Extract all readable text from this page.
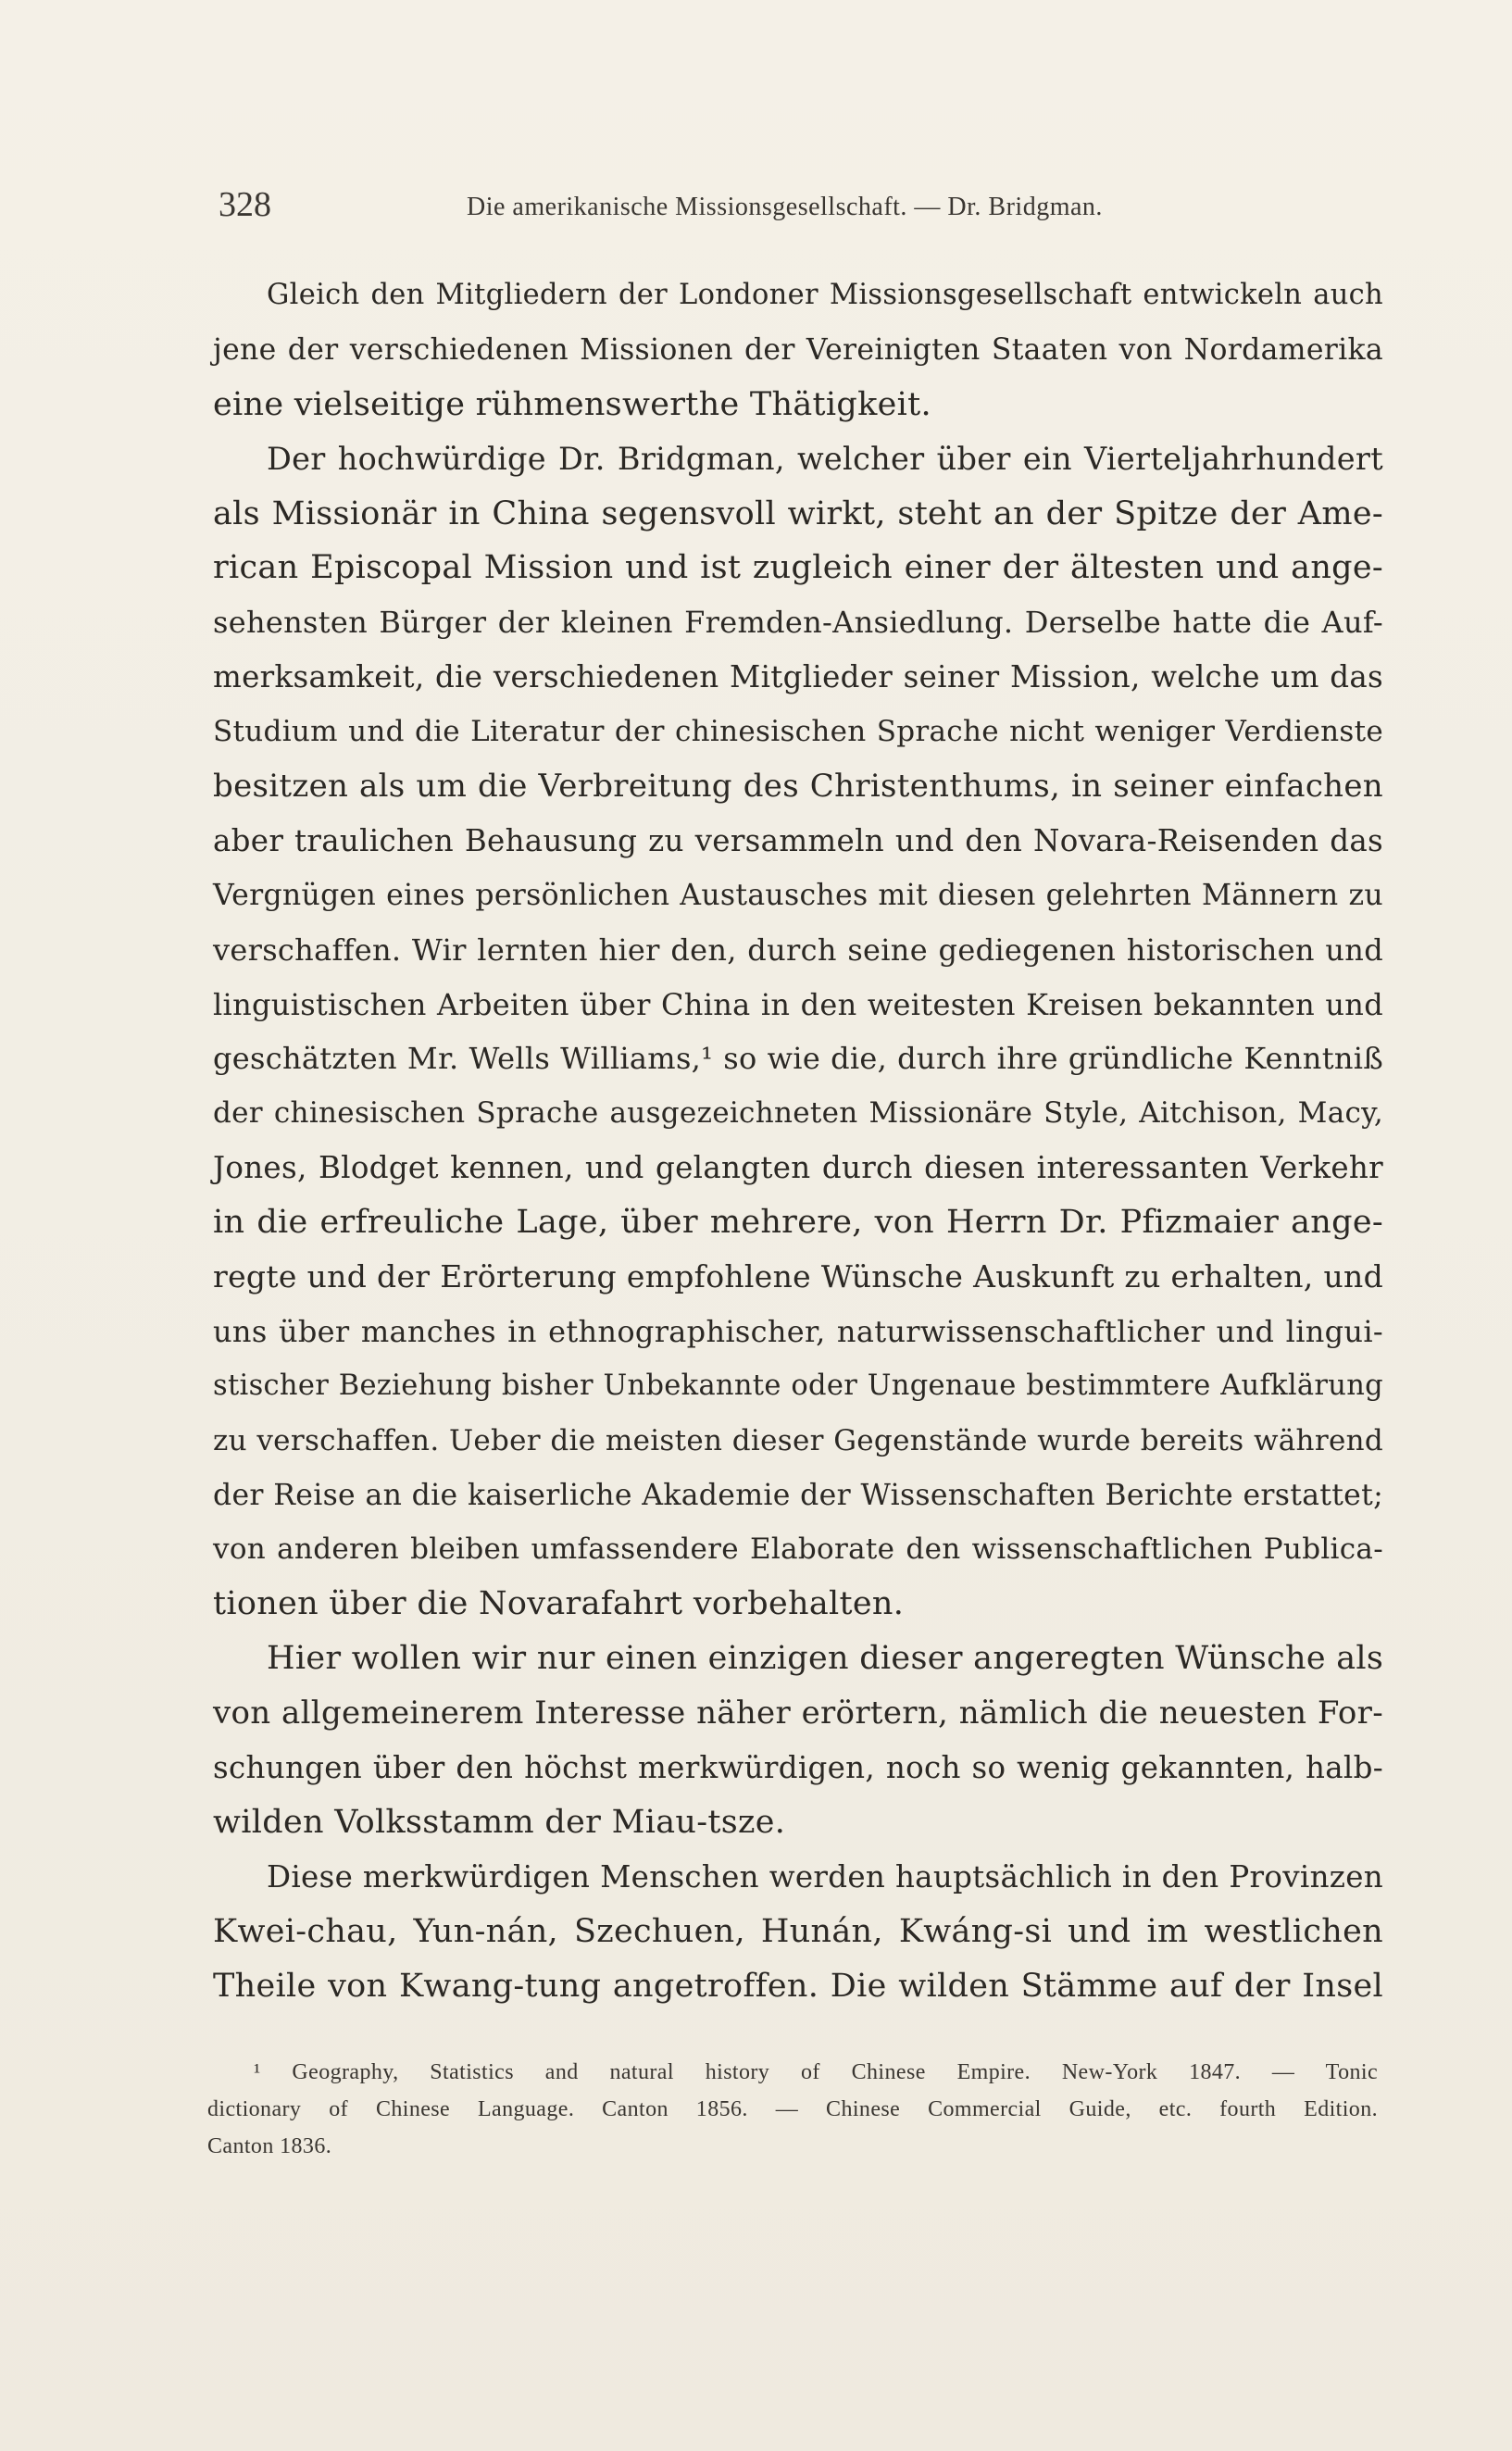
328	Die amerikanische Missionsgesellschaft. — Dr. Bridgman.
Gleich den Mitgliedern der Londoner Missionsgesellschaft entwickeln auch
jene der verschiedenen Missionen der Vereinigten Staaten von Nordamerika
eine vielseitige rühmenswerthe Thätigkeit.
Der hochwürdige Dr. Bridgman, welcher über ein Vierteljahrhundert
als Missionär in China segensvoll wirkt, steht an der Spitze der Ame-
rican Episcopal Mission und ist zugleich einer der ältesten und ange-
sehensten Bürger der kleinen Fremden-Ansiedlung. Derselbe hatte die Auf-
merksamkeit, die verschiedenen Mitglieder seiner Mission, welche um das
Studium und die Literatur der chinesischen Sprache nicht weniger Verdienste
besitzen als um die Verbreitung des Christenthums, in seiner einfachen
aber traulichen Behausung zu versammeln und den Novara-Reisenden das
Vergnügen eines persönlichen Austausches mit diesen gelehrten Männern zu
verschaffen. Wir lernten hier den, durch seine gediegenen historischen und
linguistischen Arbeiten über China in den weitesten Kreisen bekannten und
geschätzten Mr. Wells Williams,¹ so wie die, durch ihre gründliche Kenntniß
der chinesischen Sprache ausgezeichneten Missionäre Style, Aitchison, Macy,
Jones, Blodget kennen, und gelangten durch diesen interessanten Verkehr
in die erfreuliche Lage, über mehrere, von Herrn Dr. Pfizmaier ange-
regte und der Erörterung empfohlene Wünsche Auskunft zu erhalten, und
uns über manches in ethnographischer, naturwissenschaftlicher und lingui-
stischer Beziehung bisher Unbekannte oder Ungenaue bestimmtere Aufklärung
zu verschaffen. Ueber die meisten dieser Gegenstände wurde bereits während
der Reise an die kaiserliche Akademie der Wissenschaften Berichte erstattet;
von anderen bleiben umfassendere Elaborate den wissenschaftlichen Publica-
tionen über die Novarafahrt vorbehalten.
Hier wollen wir nur einen einzigen dieser angeregten Wünsche als
von allgemeinerem Interesse näher erörtern, nämlich die neuesten For-
schungen über den höchst merkwürdigen, noch so wenig gekannten, halb-
wilden Volksstamm der Miau-tsze.
Diese merkwürdigen Menschen werden hauptsächlich in den Provinzen
Kwei-chau, Yun-nán, Szechuen, Hunán, Kwáng-si und im westlichen
Theile von Kwang-tung angetroffen. Die wilden Stämme auf der Insel
¹ Geography, Statistics and natural history of Chinese Empire. New-York 1847. — Tonic
dictionary of Chinese Language. Canton 1856. — Chinese Commercial Guide, etc. fourth Edition.
Canton 1836.
